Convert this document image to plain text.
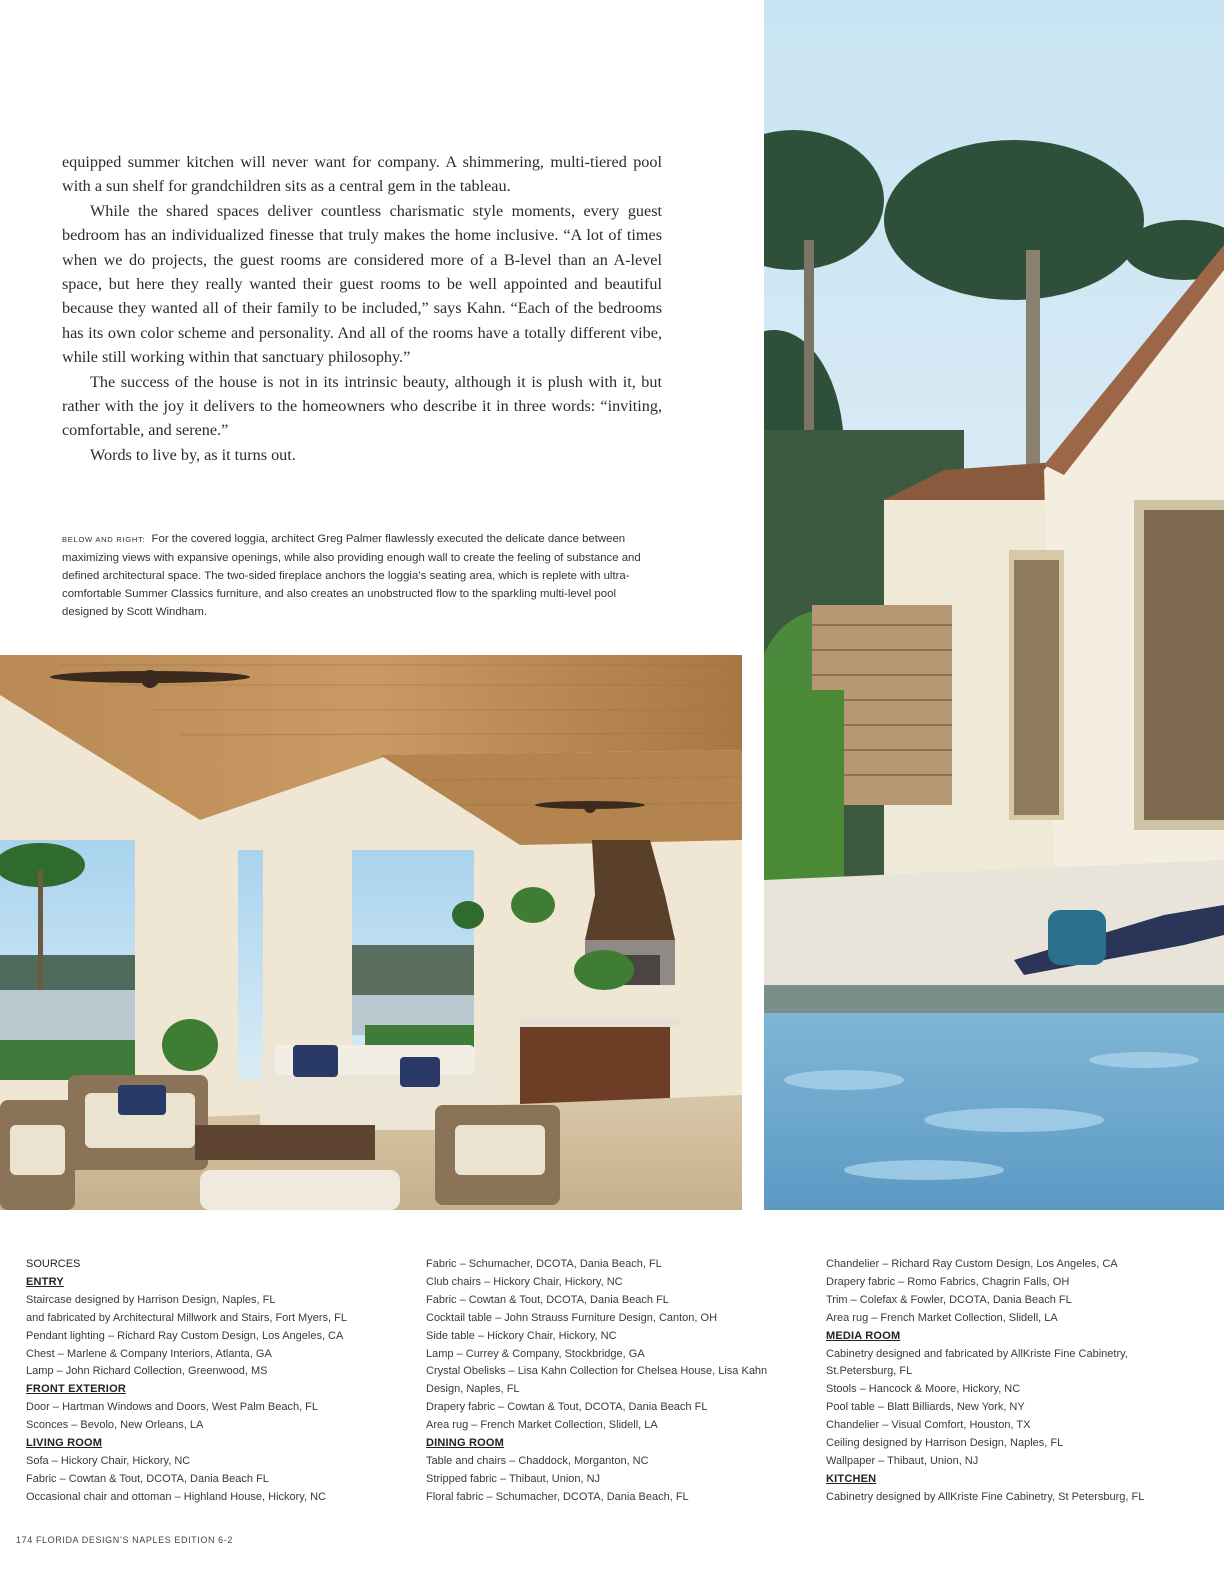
equipped summer kitchen will never want for company. A shimmering, multi-tiered pool with a sun shelf for grandchildren sits as a central gem in the tableau.

While the shared spaces deliver countless charismatic style moments, every guest bedroom has an individualized finesse that truly makes the home inclusive. “A lot of times when we do projects, the guest rooms are considered more of a B-level than an A-level space, but here they really wanted their guest rooms to be well appointed and beautiful because they wanted all of their family to be included,” says Kahn. “Each of the bedrooms has its own color scheme and personality. And all of the rooms have a totally different vibe, while still working within that sanctuary philosophy.”

The success of the house is not in its intrinsic beauty, although it is plush with it, but rather with the joy it delivers to the homeowners who describe it in three words: “inviting, comfortable, and serene.”

Words to live by, as it turns out.

BELOW AND RIGHT: For the covered loggia, architect Greg Palmer flawlessly executed the delicate dance between maximizing views with expansive openings, while also providing enough wall to create the feeling of substance and defined architectural space. The two-sided fireplace anchors the loggia’s seating area, which is replete with ultra-comfortable Summer Classics furniture, and also creates an unobstructed flow to the sparkling multi-level pool designed by Scott Windham.
SOURCES
ENTRY
Staircase designed by Harrison Design, Naples, FL
and fabricated by Architectural Millwork and Stairs, Fort Myers, FL
Pendant lighting – Richard Ray Custom Design, Los Angeles, CA
Chest – Marlene & Company Interiors, Atlanta, GA
Lamp – John Richard Collection, Greenwood, MS
FRONT EXTERIOR
Door – Hartman Windows and Doors, West Palm Beach, FL
Sconces – Bevolo, New Orleans, LA
LIVING ROOM
Sofa – Hickory Chair, Hickory, NC
Fabric – Cowtan & Tout, DCOTA, Dania Beach FL
Occasional chair and ottoman – Highland House, Hickory, NC
Fabric – Schumacher, DCOTA, Dania Beach, FL
Club chairs – Hickory Chair, Hickory, NC
Fabric – Cowtan & Tout, DCOTA, Dania Beach FL
Cocktail table – John Strauss Furniture Design, Canton, OH
Side table – Hickory Chair, Hickory, NC
Lamp – Currey & Company, Stockbridge, GA
Crystal Obelisks – Lisa Kahn Collection for Chelsea House, Lisa Kahn
Design, Naples, FL
Drapery fabric – Cowtan & Tout, DCOTA, Dania Beach FL
Area rug – French Market Collection, Slidell, LA
DINING ROOM
Table and chairs – Chaddock, Morganton, NC
Stripped fabric – Thibaut, Union, NJ
Floral fabric – Schumacher, DCOTA, Dania Beach, FL
Chandelier – Richard Ray Custom Design, Los Angeles, CA
Drapery fabric – Romo Fabrics, Chagrin Falls, OH
Trim – Colefax & Fowler, DCOTA, Dania Beach FL
Area rug – French Market Collection, Slidell, LA
MEDIA ROOM
Cabinetry designed and fabricated by AllKriste Fine Cabinetry,
St.Petersburg, FL
Stools – Hancock & Moore, Hickory, NC
Pool table – Blatt Billiards, New York, NY
Chandelier – Visual Comfort, Houston, TX
Ceiling designed by Harrison Design, Naples, FL
Wallpaper – Thibaut, Union, NJ
KITCHEN
Cabinetry designed by AllKriste Fine Cabinetry, St Petersburg, FL
174 FLORIDA DESIGN’S NAPLES EDITION 6-2
